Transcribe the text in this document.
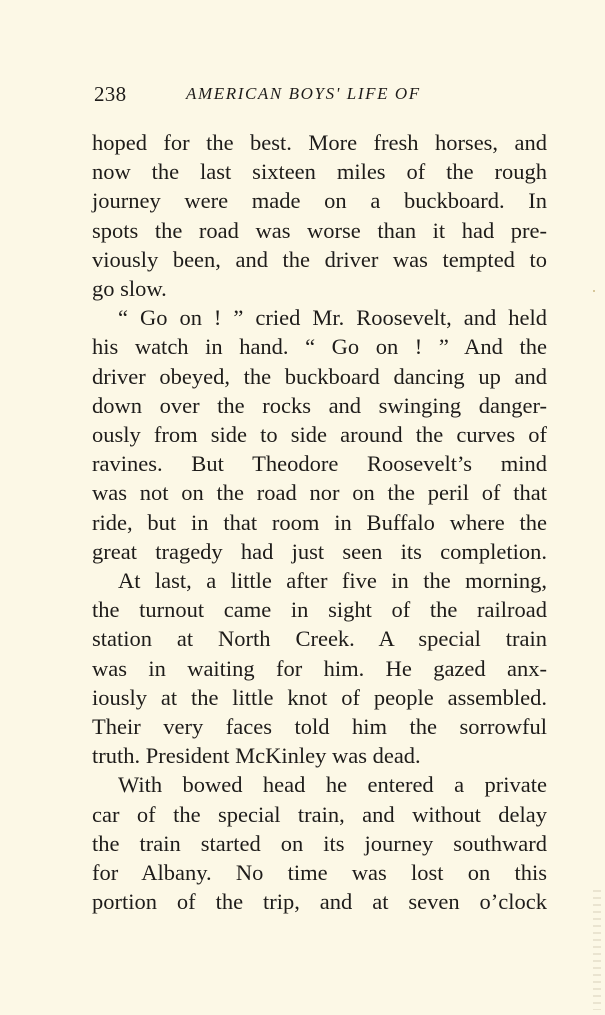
238	AMERICAN BOYS' LIFE OF
hoped for the best. More fresh horses, and
now the last sixteen miles of the rough
journey were made on a buckboard. In
spots the road was worse than it had pre-
viously been, and the driver was tempted to
go slow.
“ Go on ! ” cried Mr. Roosevelt, and held
his watch in hand. “ Go on ! ” And the
driver obeyed, the buckboard dancing up and
down over the rocks and swinging danger-
ously from side to side around the curves of
ravines. But Theodore Roosevelt’s mind
was not on the road nor on the peril of that
ride, but in that room in Buffalo where the
great tragedy had just seen its completion.
At last, a little after five in the morning,
the turnout came in sight of the railroad
station at North Creek. A special train
was in waiting for him. He gazed anx-
iously at the little knot of people assembled.
Their very faces told him the sorrowful
truth. President McKinley was dead.
With bowed head he entered a private
car of the special train, and without delay
the train started on its journey southward
for Albany. No time was lost on this
portion of the trip, and at seven o’clock
